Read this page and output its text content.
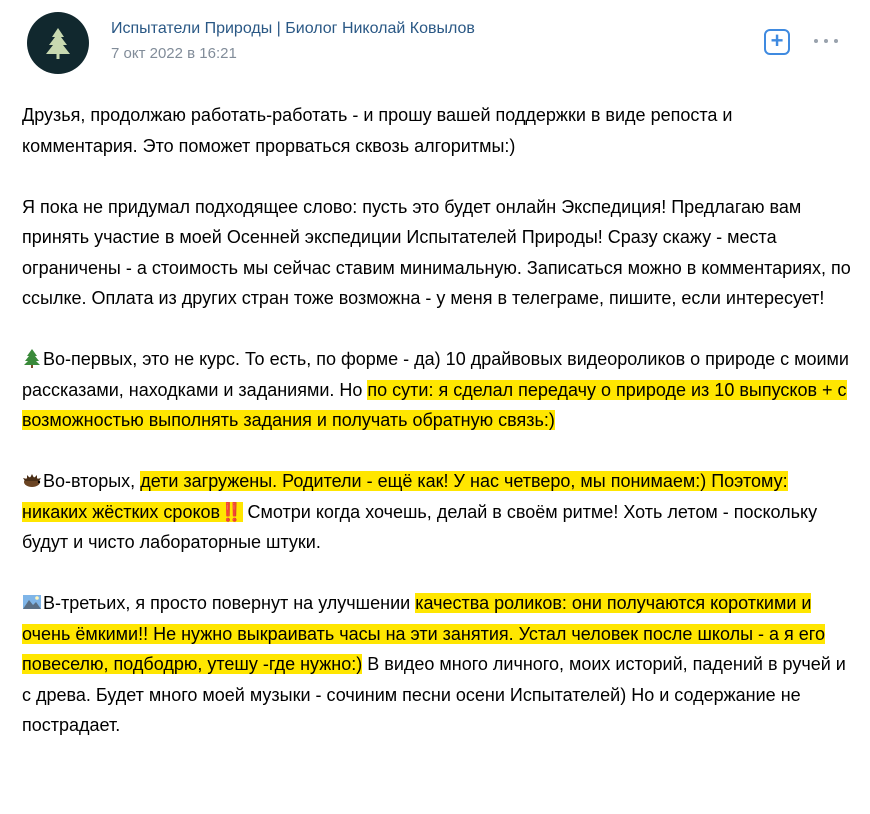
Испытатели Природы | Биолог Николай Ковылов
7 окт 2022 в 16:21
+

Друзья, продолжаю работать-работать - и прошу вашей поддержки в виде репоста и комментария. Это поможет прорваться сквозь алгоритмы:)

Я пока не придумал подходящее слово: пусть это будет онлайн Экспедиция! Предлагаю вам принять участие в моей Осенней экспедиции Испытателей Природы! Сразу скажу - места ограничены - а стоимость мы сейчас ставим минимальную. Записаться можно в комментариях, по ссылке. Оплата из других стран тоже возможна - у меня в телеграме, пишите, если интересует!

Во-первых, это не курс. То есть, по форме - да) 10 драйвовых видеороликов о природе с моими рассказами, находками и заданиями. Но по сути: я сделал передачу о природе из 10 выпусков + с возможностью выполнять задания и получать обратную связь:)

Во-вторых, дети загружены. Родители - ещё как! У нас четверо, мы понимаем:) Поэтому: никаких жёстких сроков‼️ Смотри когда хочешь, делай в своём ритме! Хоть летом - поскольку будут и чисто лабораторные штуки.

В-третьих, я просто повернут на улучшении качества роликов: они получаются короткими и очень ёмкими!! Не нужно выкраивать часы на эти занятия. Устал человек после школы - а я его повеселю, подбодрю, утешу -где нужно:) В видео много личного, моих историй, падений в ручей и с древа. Будет много моей музыки - сочиним песни осени Испытателей) Но и содержание не пострадает.
